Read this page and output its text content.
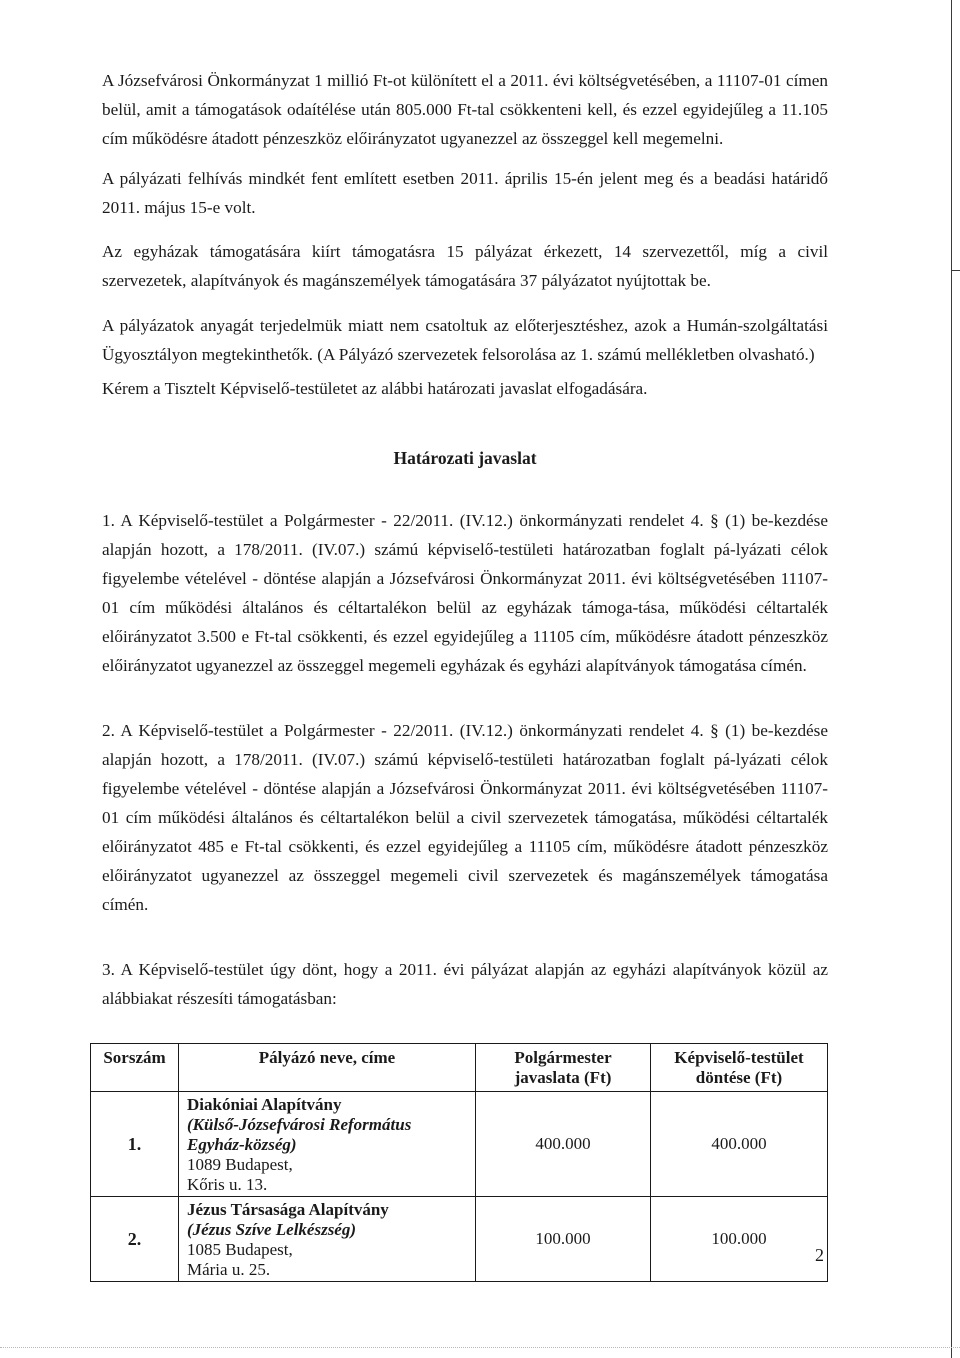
A Józsefvárosi Önkormányzat 1 millió Ft-ot különített el a 2011. évi költségvetésében, a 11107-01 címen belül, amit a támogatások odaítélése után 805.000 Ft-tal csökkenteni kell, és ezzel egyidejűleg a 11.105 cím működésre átadott pénzeszköz előirányzatot ugyanezzel az összeggel kell megemelni.

A pályázati felhívás mindkét fent említett esetben 2011. április 15-én jelent meg és a beadási határidő 2011. május 15-e volt.

Az egyházak támogatására kiírt támogatásra 15 pályázat érkezett, 14 szervezettől, míg a civil szervezetek, alapítványok és magánszemélyek támogatására 37 pályázatot nyújtottak be.

A pályázatok anyagát terjedelmük miatt nem csatoltuk az előterjesztéshez, azok a Humán-szolgáltatási Ügyosztályon megtekinthetők. (A Pályázó szervezetek felsorolása az 1. számú mellékletben olvasható.)

Kérem a Tisztelt Képviselő-testületet az alábbi határozati javaslat elfogadására.

Határozati javaslat

1. A Képviselő-testület a Polgármester - 22/2011. (IV.12.) önkormányzati rendelet 4. § (1) be-kezdése alapján hozott, a 178/2011. (IV.07.) számú képviselő-testületi határozatban foglalt pá-lyázati célok figyelembe vételével - döntése alapján a Józsefvárosi Önkormányzat 2011. évi költségvetésében 11107-01 cím működési általános és céltartalékon belül az egyházak támoga-tása, működési céltartalék előirányzatot 3.500 e Ft-tal csökkenti, és ezzel egyidejűleg a 11105 cím, működésre átadott pénzeszköz előirányzatot ugyanezzel az összeggel megemeli egyházak és egyházi alapítványok támogatása címén.

2. A Képviselő-testület a Polgármester - 22/2011. (IV.12.) önkormányzati rendelet 4. § (1) be-kezdése alapján hozott, a 178/2011. (IV.07.) számú képviselő-testületi határozatban foglalt pá-lyázati célok figyelembe vételével - döntése alapján a Józsefvárosi Önkormányzat 2011. évi költségvetésében 11107-01 cím működési általános és céltartalékon belül a civil szervezetek támogatása, működési céltartalék előirányzatot 485 e Ft-tal csökkenti, és ezzel egyidejűleg a 11105 cím, működésre átadott pénzeszköz előirányzatot ugyanezzel az összeggel megemeli civil szervezetek és magánszemélyek támogatása címén.

3. A Képviselő-testület úgy dönt, hogy a 2011. évi pályázat alapján az egyházi alapítványok közül az alábbiakat részesíti támogatásban:

Sorszám	Pályázó neve, címe	Polgármester javaslata (Ft)	Képviselő-testület döntése (Ft)
1.	Diakóniai Alapítvány
(Külső-Józsefvárosi Református Egyház-község)
1089 Budapest,
Kőris u. 13.	400.000	400.000
2.	Jézus Társasága Alapítvány
(Jézus Szíve Lelkészség)
1085 Budapest,
Mária u. 25.	100.000	100.000
2
